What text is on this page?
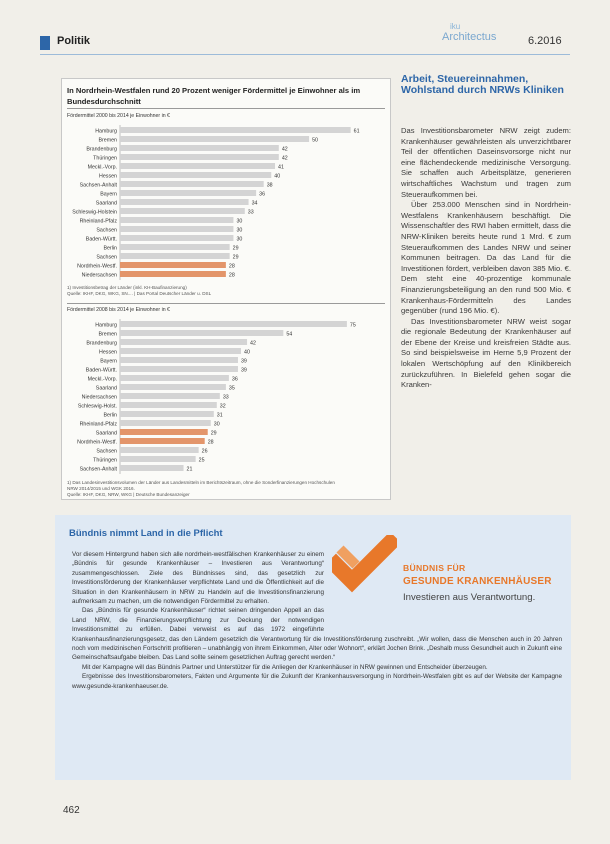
Politik
iku
Architectus	6.2016
In Nordrhein-Westfalen rund 20 Prozent weniger Fördermittel je Einwohner als im Bundesdurchschnitt
Fördermittel 2000 bis 2014 je Einwohner in €
Hamburg	61
Bremen	50
Brandenburg	42
Thüringen	42
Meckl.-Vorp.	41
Hessen	40
Sachsen-Anhalt	38
Bayern	36
Saarland	34
Schleswig-Holstein	33
Rheinland-Pfalz	30
Sachsen	30
Baden-Württ.	30
Berlin	29
Sachsen	29
Nordrhein-Westf.	28
Niedersachsen	28
1) Investitionsbetrag der Länder (inkl. KH-Baufinanzierung)
Quelle: IKHF, DKG, WKG, SN.... | Das Portal Deutscher Länder u. DSL
Fördermittel 2008 bis 2014 je Einwohner in €
Hamburg	75
Bremen	54
Brandenburg	42
Hessen	40
Bayern	39
Baden-Württ.	39
Meckl.-Vorp.	36
Saarland	35
Niedersachsen	33
Schleswig-Holst.	32
Berlin	31
Rheinland-Pfalz	30
Saarland	29
Nordrhein-Westf.	28
Sachsen	26
Thüringen	25
Sachsen-Anhalt	21
1) Das Landesinvestitionsvolumen der Länder aus Landesmitteln im Berichtszeitraum, ohne die Sonderfinanzierungen Hochschulen
NRW 2014/2015 und WGK 2016.
Quelle: IKHF, DKG, NRW, WKG | Deutsche Bundesanzeiger
Arbeit, Steuereinnahmen, Wohlstand durch NRWs Kliniken

Das Investitionsbarometer NRW zeigt zudem: Krankenhäuser gewährleisten als unverzichtbarer Teil der öffentlichen Daseinsvorsorge nicht nur eine flächendeckende medizinische Versorgung. Sie schaffen auch Arbeitsplätze, generieren wirtschaftliches Wachstum und tragen zum Steueraufkommen bei.

Über 253.000 Menschen sind in Nordrhein-Westfalens Krankenhäusern beschäftigt. Die Wissenschaftler des RWI haben ermittelt, dass die NRW-Kliniken bereits heute rund 1 Mrd. € zum Steueraufkommen des Landes NRW und seiner Kommunen beitragen. Da das Land für die Investitionen fördert, verbleiben davon 385 Mio. €. Dem steht eine 40-prozentige kommunale Finanzierungsbeteiligung an den rund 500 Mio. € Krankenhaus-Fördermitteln des Landes gegenüber (rund 196 Mio. €).

Das Investitionsbarometer NRW weist sogar die regionale Bedeutung der Krankenhäuser auf der Ebene der Kreise und kreisfreien Städte aus. So sind beispielsweise im Herne 5,9 Prozent der lokalen Wertschöpfung auf den Klinikbereich zurückzuführen. In Bielefeld gehen sogar die Kranken-

Bündnis nimmt Land in die Pflicht
BÜNDNIS FÜR
GESUNDE KRANKENHÄUSER
Investieren aus Verantwortung.

Vor diesem Hintergrund haben sich alle nordrhein-westfälischen Krankenhäuser zu einem „Bündnis für gesunde Krankenhäuser – Investieren aus Verantwortung“ zusammengeschlossen. Ziele des Bündnisses sind, das gesetzlich zur Investitionsförderung der Krankenhäuser verpflichtete Land und die Öffentlichkeit auf die Situation in den Krankenhäusern in NRW zu Handeln auf die Investitionsfinanzierung aufmerksam zu machen, um die notwendigen Fördermittel zu erhalten.

Das „Bündnis für gesunde Krankenhäuser“ richtet seinen dringenden Appell an das Land NRW, die Finanzierungsverpflichtung zur Deckung der notwendigen Investitionsmittel zu erfüllen. Dabei verweist es auf das 1972 eingeführte Krankenhausfinanzierungsgesetz, das den Ländern gesetzlich die Verantwortung für die Investitionsförderung zuschreibt. „Wir wollen, dass die Menschen auch in 20 Jahren noch vom medizinischen Fortschritt profitieren – unabhängig von ihrem Einkommen, Alter oder Wohnort“, erklärt Jochen Brink. „Deshalb muss Gesundheit auch in Zukunft eine Gemeinschaftsaufgabe bleiben. Das Land sollte seinem gesetzlichen Auftrag gerecht werden.“

Mit der Kampagne will das Bündnis Partner und Unterstützer für die Anliegen der Krankenhäuser in NRW gewinnen und Entscheider überzeugen.

Ergebnisse des Investitionsbarometers, Fakten und Argumente für die Zukunft der Krankenhausversorgung in Nordrhein-Westfalen gibt es auf der Website der Kampagne www.gesunde-krankenhaeuser.de.

462
